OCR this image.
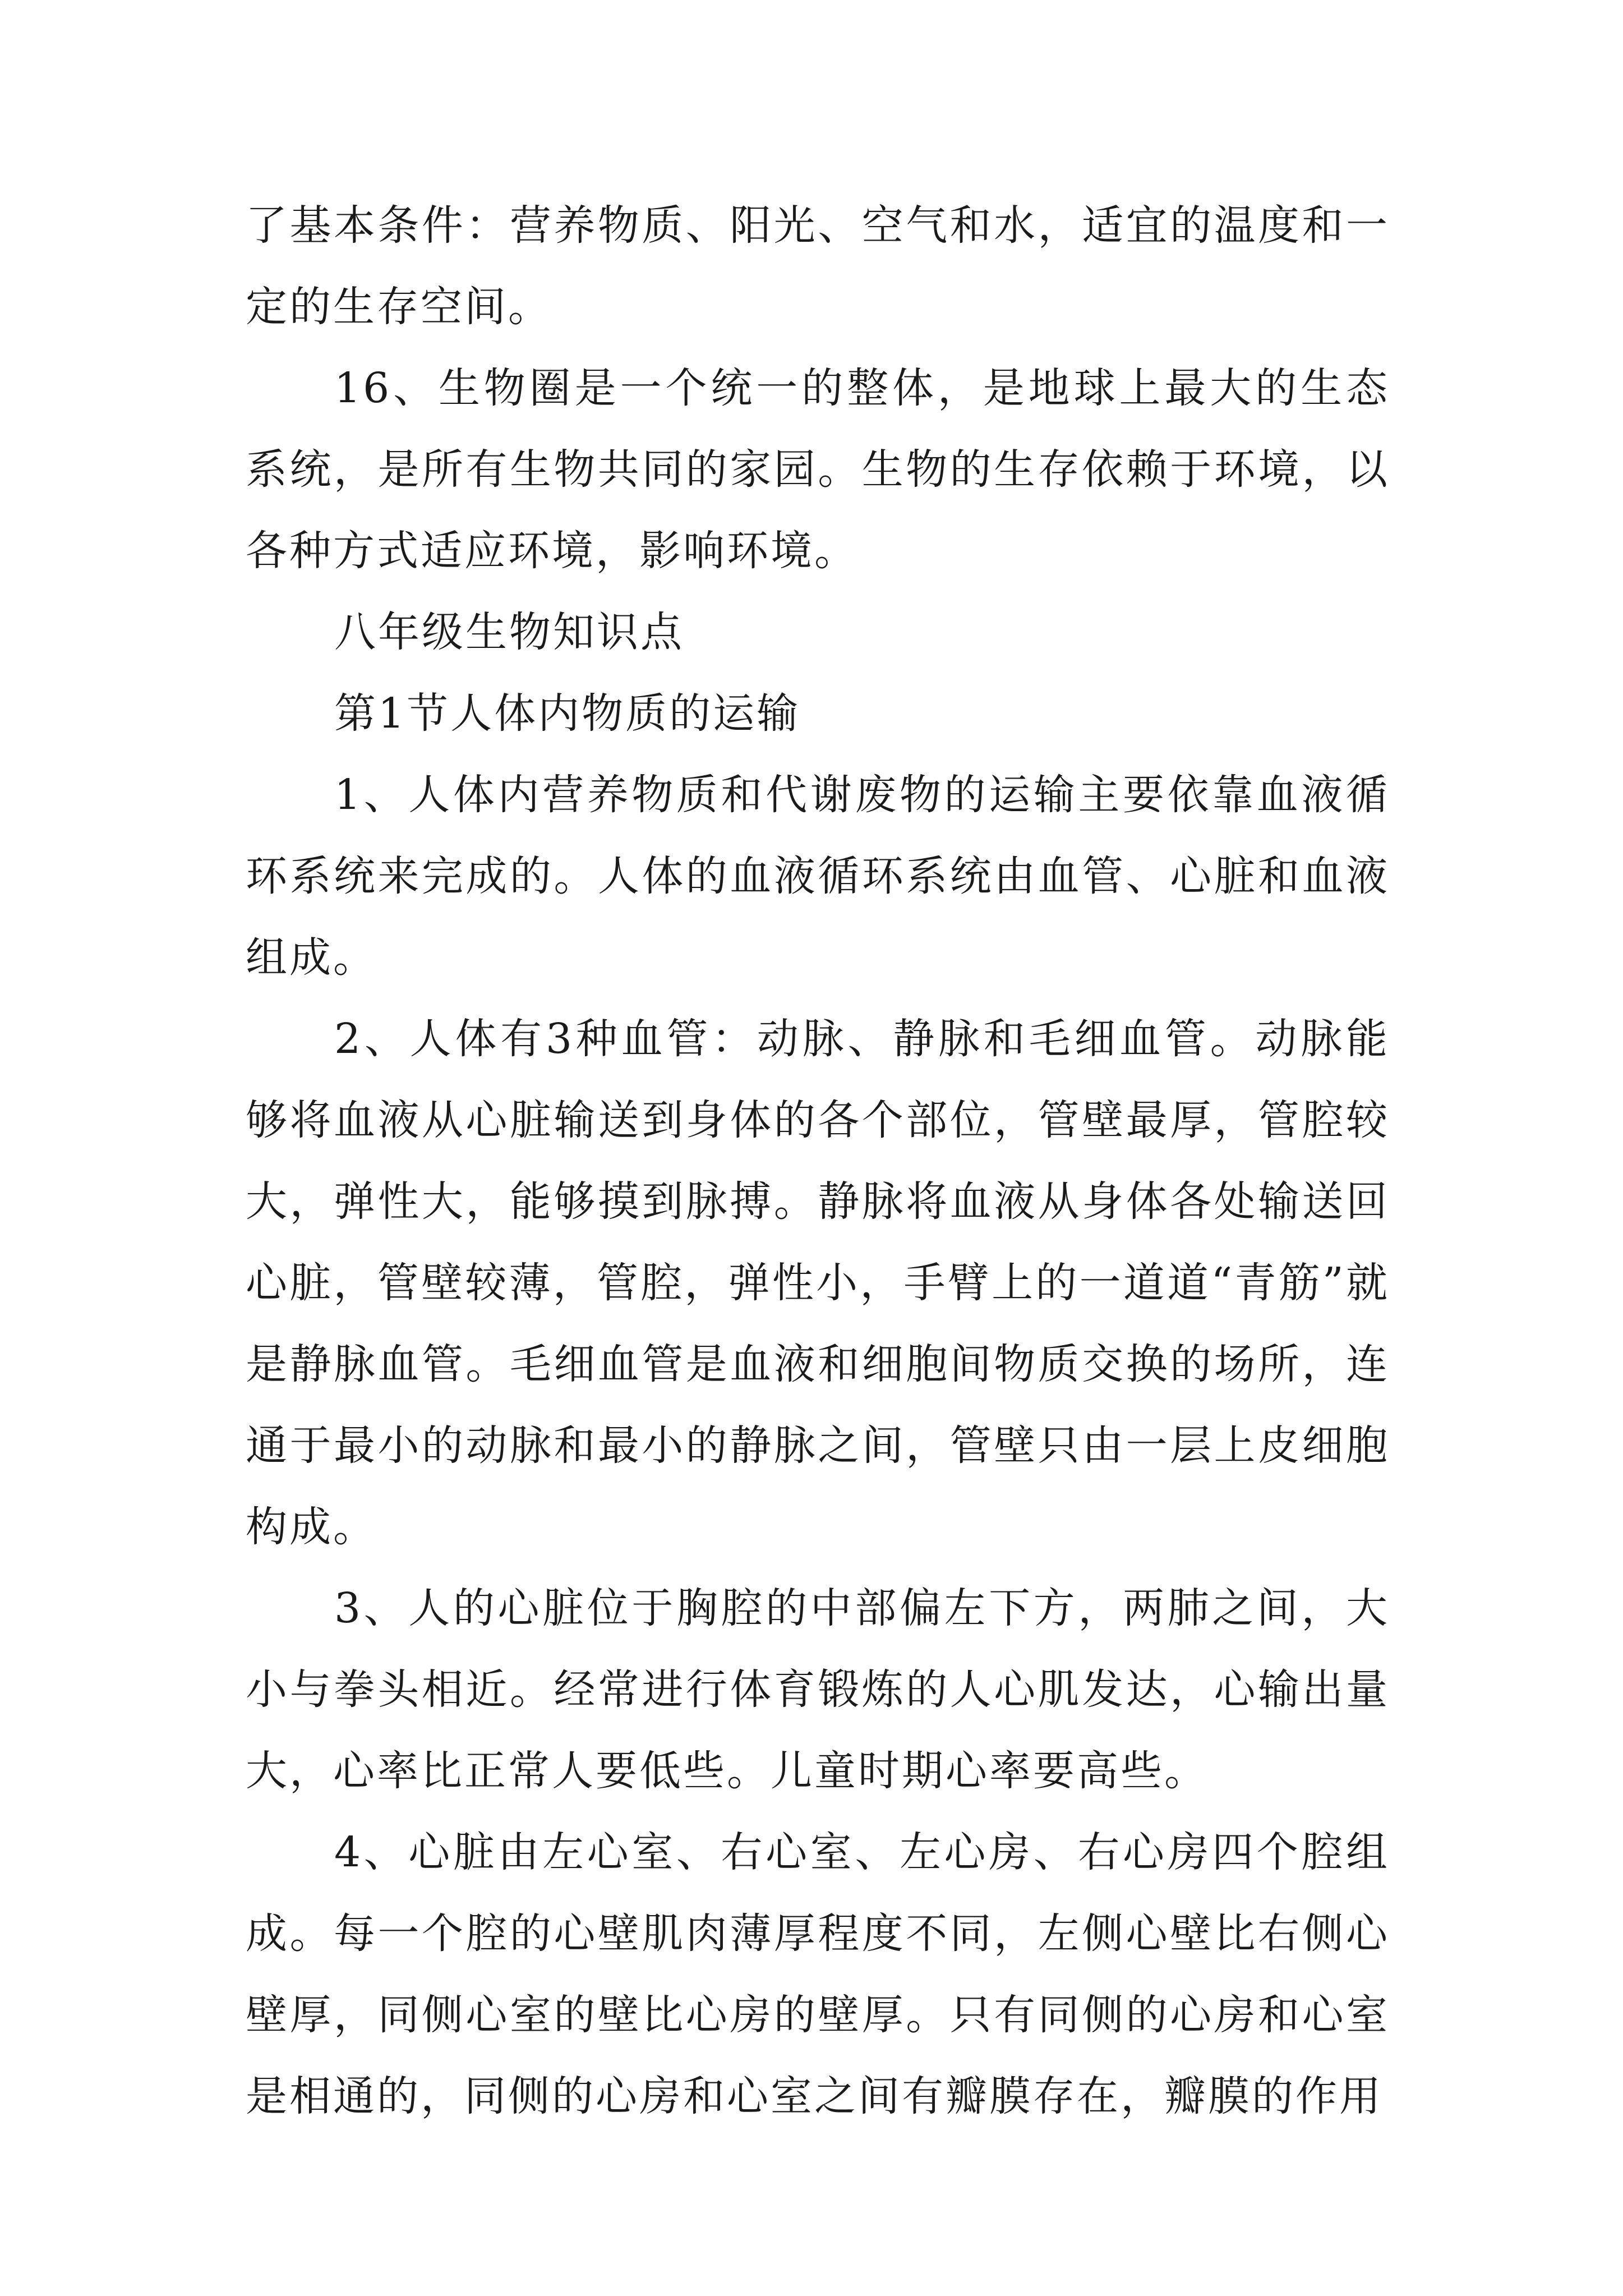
了基本条件：营养物质、阳光、空气和水，适宜的温度和一定的生存空间。

16、生物圈是一个统一的整体，是地球上最大的生态系统，是所有生物共同的家园。生物的生存依赖于环境，以各种方式适应环境，影响环境。

八年级生物知识点

第1节人体内物质的运输

1、人体内营养物质和代谢废物的运输主要依靠血液循环系统来完成的。人体的血液循环系统由血管、心脏和血液组成。

2、人体有3种血管：动脉、静脉和毛细血管。动脉能够将血液从心脏输送到身体的各个部位，管壁最厚，管腔较大，弹性大，能够摸到脉搏。静脉将血液从身体各处输送回心脏，管壁较薄，管腔，弹性小，手臂上的一道道“青筋”就是静脉血管。毛细血管是血液和细胞间物质交换的场所，连通于最小的动脉和最小的静脉之间，管壁只由一层上皮细胞构成。

3、人的心脏位于胸腔的中部偏左下方，两肺之间，大小与拳头相近。经常进行体育锻炼的人心肌发达，心输出量大，心率比正常人要低些。儿童时期心率要高些。

4、心脏由左心室、右心室、左心房、右心房四个腔组成。每一个腔的心壁肌肉薄厚程度不同，左侧心壁比右侧心壁厚，同侧心室的壁比心房的壁厚。只有同侧的心房和心室是相通的，同侧的心房和心室之间有瓣膜存在，瓣膜的作用
